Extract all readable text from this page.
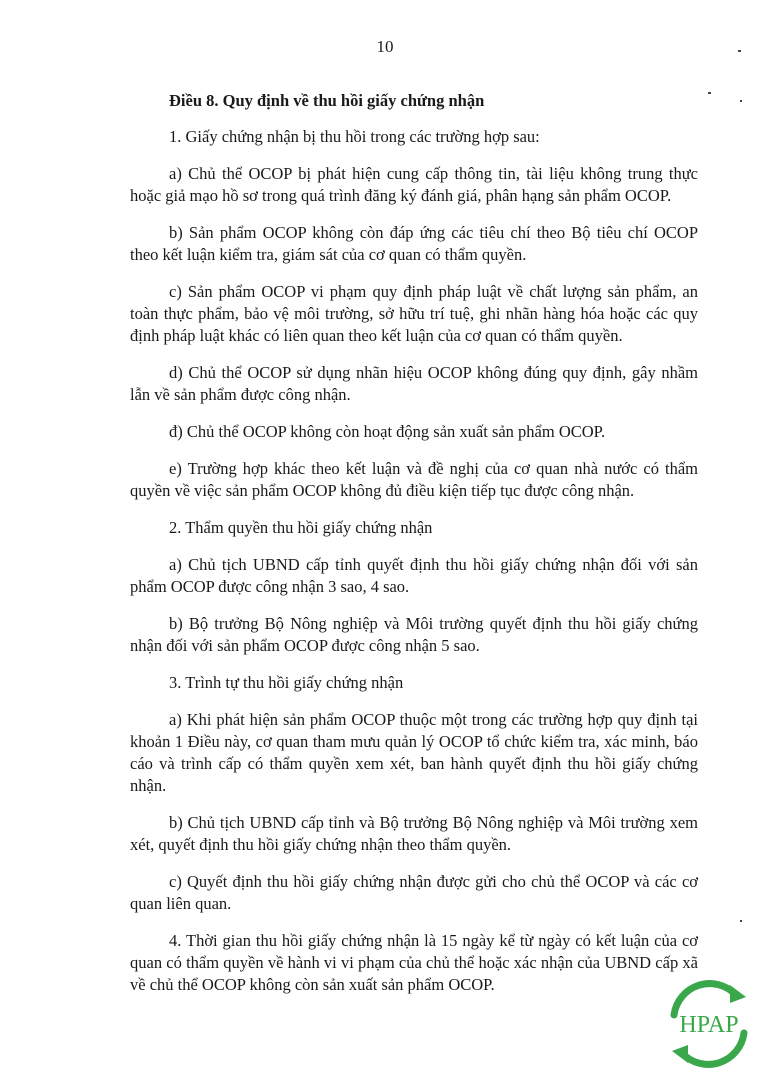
10
Điều 8. Quy định về thu hồi giấy chứng nhận

1. Giấy chứng nhận bị thu hồi trong các trường hợp sau:

a) Chủ thể OCOP bị phát hiện cung cấp thông tin, tài liệu không trung thực hoặc giả mạo hồ sơ trong quá trình đăng ký đánh giá, phân hạng sản phẩm OCOP.

b) Sản phẩm OCOP không còn đáp ứng các tiêu chí theo Bộ tiêu chí OCOP theo kết luận kiểm tra, giám sát của cơ quan có thẩm quyền.

c) Sản phẩm OCOP vi phạm quy định pháp luật về chất lượng sản phẩm, an toàn thực phẩm, bảo vệ môi trường, sở hữu trí tuệ, ghi nhãn hàng hóa hoặc các quy định pháp luật khác có liên quan theo kết luận của cơ quan có thẩm quyền.

d) Chủ thể OCOP sử dụng nhãn hiệu OCOP không đúng quy định, gây nhầm lẫn về sản phẩm được công nhận.

đ) Chủ thể OCOP không còn hoạt động sản xuất sản phẩm OCOP.

e) Trường hợp khác theo kết luận và đề nghị của cơ quan nhà nước có thẩm quyền về việc sản phẩm OCOP không đủ điều kiện tiếp tục được công nhận.

2. Thẩm quyền thu hồi giấy chứng nhận

a) Chủ tịch UBND cấp tỉnh quyết định thu hồi giấy chứng nhận đối với sản phẩm OCOP được công nhận 3 sao, 4 sao.

b) Bộ trưởng Bộ Nông nghiệp và Môi trường quyết định thu hồi giấy chứng nhận đối với sản phẩm OCOP được công nhận 5 sao.

3. Trình tự thu hồi giấy chứng nhận

a) Khi phát hiện sản phẩm OCOP thuộc một trong các trường hợp quy định tại khoản 1 Điều này, cơ quan tham mưu quản lý OCOP tổ chức kiểm tra, xác minh, báo cáo và trình cấp có thẩm quyền xem xét, ban hành quyết định thu hồi giấy chứng nhận.

b) Chủ tịch UBND cấp tỉnh và Bộ trưởng Bộ Nông nghiệp và Môi trường xem xét, quyết định thu hồi giấy chứng nhận theo thẩm quyền.

c) Quyết định thu hồi giấy chứng nhận được gửi cho chủ thể OCOP và các cơ quan liên quan.

4. Thời gian thu hồi giấy chứng nhận là 15 ngày kể từ ngày có kết luận của cơ quan có thẩm quyền về hành vi vi phạm của chủ thể hoặc xác nhận của UBND cấp xã về chủ thể OCOP không còn sản xuất sản phẩm OCOP.

HPAP
